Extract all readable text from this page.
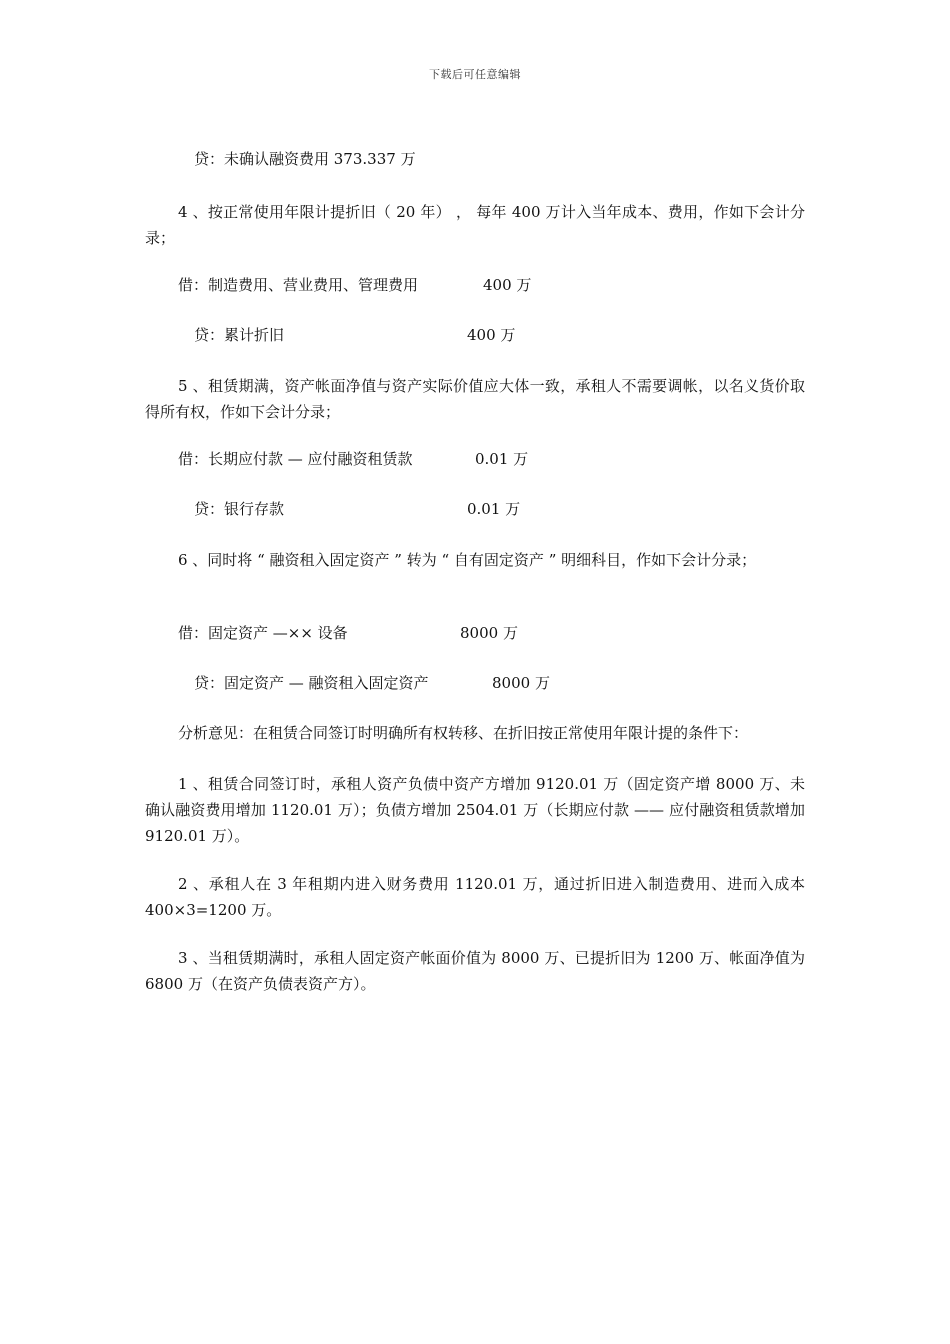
下载后可任意编辑
贷：未确认融资费用 373.337 万
4 、按正常使用年限计提折旧（ 20 年） ， 每年 400 万计入当年成本、费用，作如下会计分录；
借：制造费用、营业费用、管理费用	400 万
贷：累计折旧	400 万
5 、租赁期满，资产帐面净值与资产实际价值应大体一致，承租人不需要调帐，以名义货价取得所有权，作如下会计分录；
借：长期应付款 — 应付融资租赁款	0.01 万
贷：银行存款	0.01 万
6 、同时将 “ 融资租入固定资产 ” 转为 “ 自有固定资产 ” 明细科目，作如下会计分录；
借：固定资产 —×× 设备	8000 万
贷：固定资产 — 融资租入固定资产	8000 万
分析意见：在租赁合同签订时明确所有权转移、在折旧按正常使用年限计提的条件下：
1 、租赁合同签订时，承租人资产负债中资产方增加 9120.01 万（固定资产增 8000 万、未确认融资费用增加 1120.01 万）；负债方增加 2504.01 万（长期应付款 —— 应付融资租赁款增加 9120.01 万）。
2 、承租人在 3 年租期内进入财务费用 1120.01 万，通过折旧进入制造费用、进而入成本 400×3=1200 万。
3 、当租赁期满时，承租人固定资产帐面价值为 8000 万、已提折旧为 1200 万、帐面净值为 6800 万（在资产负债表资产方）。
